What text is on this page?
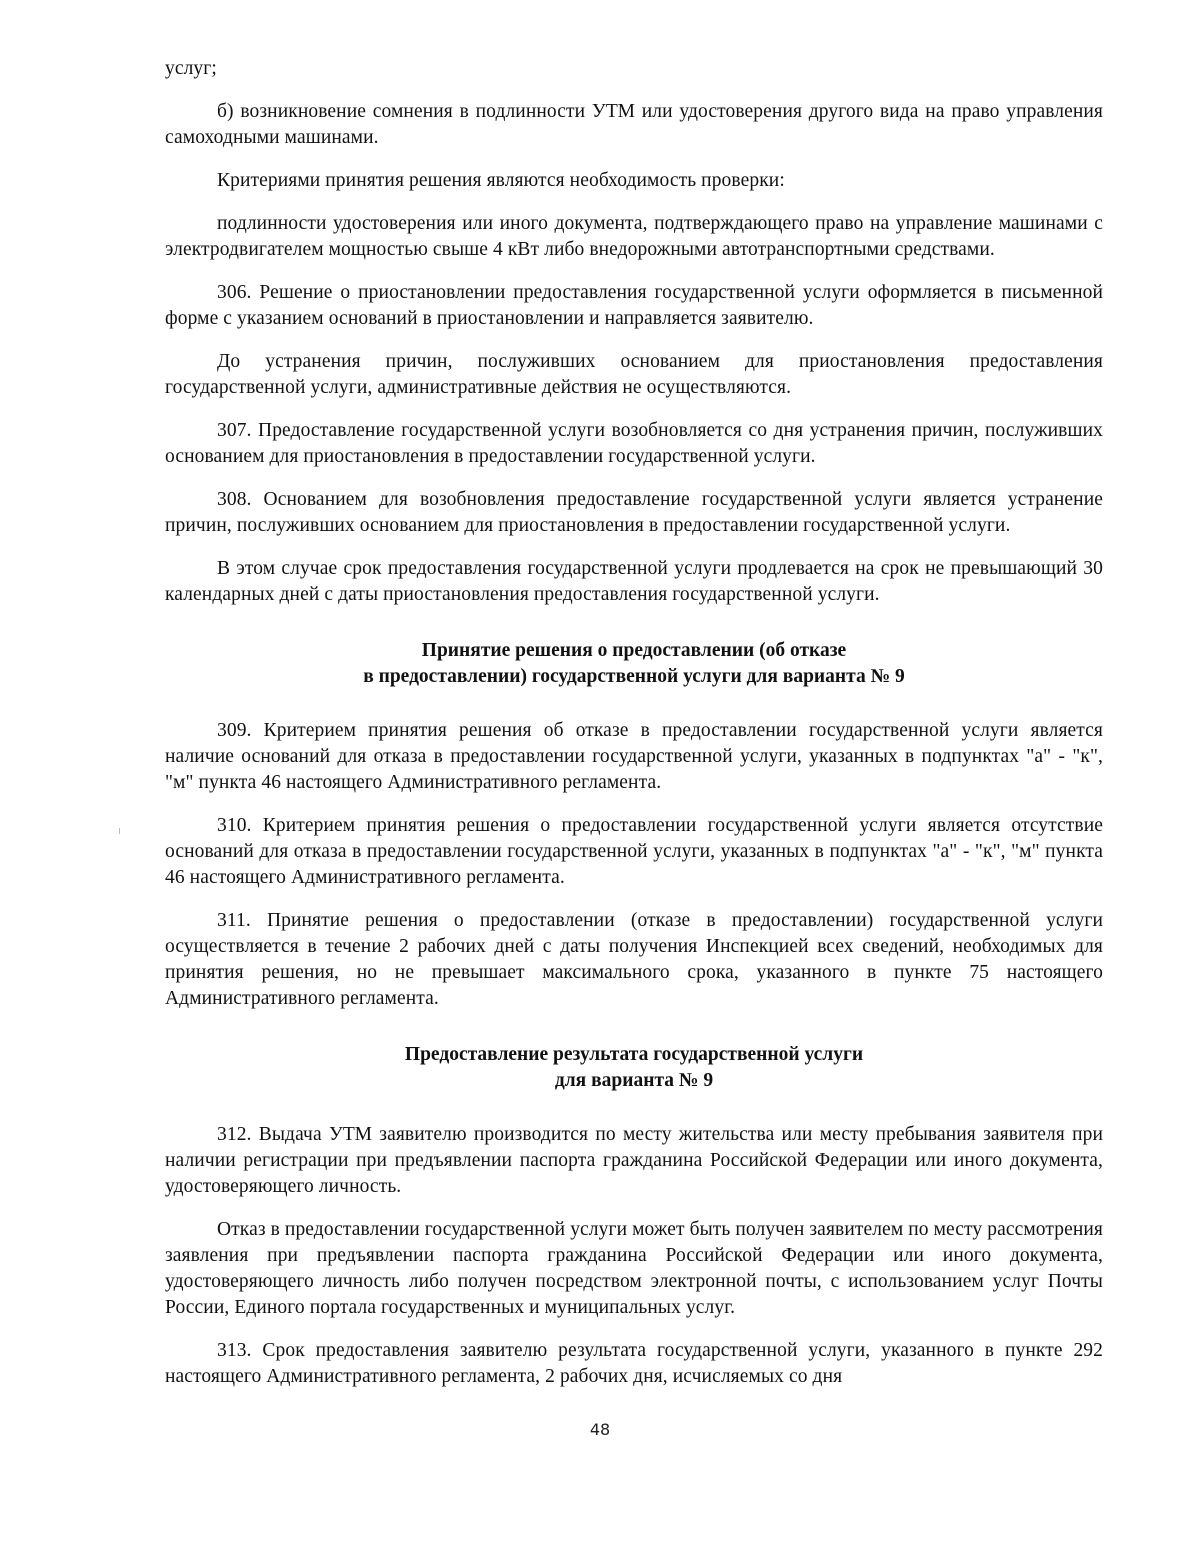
услуг;

б) возникновение сомнения в подлинности УТМ или удостоверения другого вида на право управления самоходными машинами.

Критериями принятия решения являются необходимость проверки:

подлинности удостоверения или иного документа, подтверждающего право на управление машинами с электродвигателем мощностью свыше 4 кВт либо внедорожными автотранспортными средствами.

306. Решение о приостановлении предоставления государственной услуги оформляется в письменной форме с указанием оснований в приостановлении и направляется заявителю.

До устранения причин, послуживших основанием для приостановления предоставления государственной услуги, административные действия не осуществляются.

307. Предоставление государственной услуги возобновляется со дня устранения причин, послуживших основанием для приостановления в предоставлении государственной услуги.

308. Основанием для возобновления предоставление государственной услуги является устранение причин, послуживших основанием для приостановления в предоставлении государственной услуги.

В этом случае срок предоставления государственной услуги продлевается на срок не превышающий 30 календарных дней с даты приостановления предоставления государственной услуги.

Принятие решения о предоставлении (об отказе
в предоставлении) государственной услуги для варианта № 9

309. Критерием принятия решения об отказе в предоставлении государственной услуги является наличие оснований для отказа в предоставлении государственной услуги, указанных в подпунктах "а" - "к", "м" пункта 46 настоящего Административного регламента.

310. Критерием принятия решения о предоставлении государственной услуги является отсутствие оснований для отказа в предоставлении государственной услуги, указанных в подпунктах "а" - "к", "м" пункта 46 настоящего Административного регламента.

311. Принятие решения о предоставлении (отказе в предоставлении) государственной услуги осуществляется в течение 2 рабочих дней с даты получения Инспекцией всех сведений, необходимых для принятия решения, но не превышает максимального срока, указанного в пункте 75 настоящего Административного регламента.

Предоставление результата государственной услуги
для варианта № 9

312. Выдача УТМ заявителю производится по месту жительства или месту пребывания заявителя при наличии регистрации при предъявлении паспорта гражданина Российской Федерации или иного документа, удостоверяющего личность.

Отказ в предоставлении государственной услуги может быть получен заявителем по месту рассмотрения заявления при предъявлении паспорта гражданина Российской Федерации или иного документа, удостоверяющего личность либо получен посредством электронной почты, с использованием услуг Почты России, Единого портала государственных и муниципальных услуг.

313. Срок предоставления заявителю результата государственной услуги, указанного в пункте 292 настоящего Административного регламента, 2 рабочих дня, исчисляемых со дня

48
